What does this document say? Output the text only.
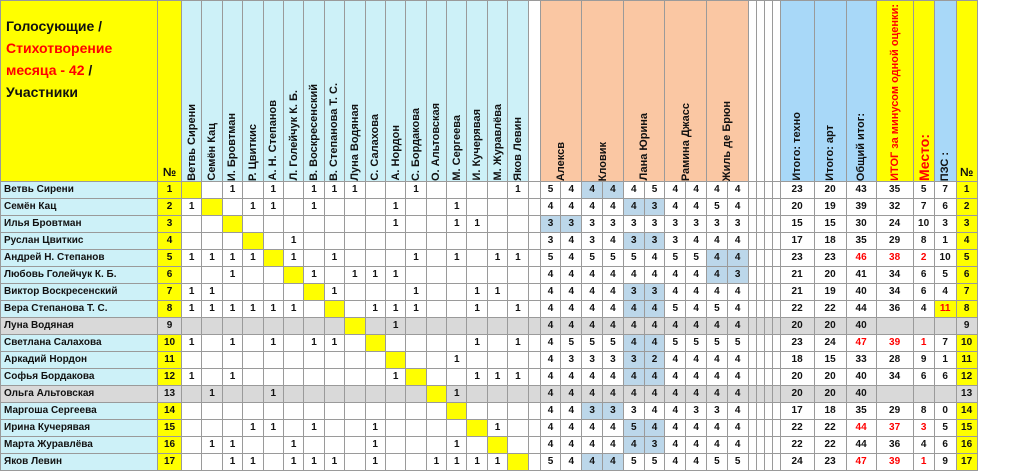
Голосующие /
Стихотворение
месяца - 42 /
Участники	№	Ветвь Сирени	Семён Кац	И. Бровтман	Р. Цвиткис	А. Н. Степанов	Л. Голейчук К. Б.	В. Воскресенский	В. Степанова Т. С.	Луна Водяная	С. Салахова	А. Нордон	С. Бордакова	О. Альтовская	М. Сергеева	И. Кучерявая	М. Журавлёва	Яков Левин		Алексв		Кловик		Лана Юрина		Рамина Джасс		Жиль де Брюн						Итого: техно	Итого: арт	Общий итог:	ИТОГ за минусом одной оценки:	Место:	ПЗС :	№
Ветвь Сирени	1			1		1		1	1	1			1					1		5	4	4	4	4	5	4	4	4	4					23	20	43	35	5	7	1
Семён Кац	2	1			1	1		1				1			1					4	4	4	4	4	3	4	4	5	4					20	19	39	32	7	6	2
Илья Бровтман	3											1			1	1				3	3	3	3	3	3	3	3	3	3					15	15	30	24	10	3	3
Руслан Цвиткис	4						1													3	4	3	4	3	3	3	4	4	4					17	18	35	29	8	1	4
Андрей Н. Степанов	5	1	1	1	1		1		1				1		1		1	1		5	4	5	5	5	4	5	5	4	4					23	23	46	38	2	10	5
Любовь Голейчук К. Б.	6			1				1		1	1	1								4	4	4	4	4	4	4	4	4	3					21	20	41	34	6	5	6
Виктор Воскресенский	7	1	1						1				1			1	1			4	4	4	4	3	3	4	4	4	4					21	19	40	34	6	4	7
Вера Степанова Т. С.	8	1	1	1	1	1	1				1	1	1			1		1		4	4	4	4	4	4	5	4	5	4					22	22	44	36	4	11	8
Луна Водяная	9											1								4	4	4	4	4	4	4	4	4	4					20	20	40				9
Светлана Салахова	10	1		1		1		1	1							1		1		4	5	5	5	4	4	5	5	5	5					23	24	47	39	1	7	10
Аркадий Нордон	11														1					4	3	3	3	3	2	4	4	4	4					18	15	33	28	9	1	11
Софья Бордакова	12	1		1								1				1	1	1		4	4	4	4	4	4	4	4	4	4					20	20	40	34	6	6	12
Ольга Альтовская	13		1			1									1					4	4	4	4	4	4	4	4	4	4					20	20	40				13
Маргоша Сергеева	14																			4	4	3	3	3	4	4	3	3	4					17	18	35	29	8	0	14
Ирина Кучерявая	15				1	1		1			1						1			4	4	4	4	5	4	4	4	4	4					22	22	44	37	3	5	15
Марта Журавлёва	16		1	1			1				1				1					4	4	4	4	4	3	4	4	4	4					22	22	44	36	4	6	16
Яков Левин	17			1	1		1	1	1		1			1	1	1	1			5	4	4	4	5	5	4	4	5	5					24	23	47	39	1	9	17
